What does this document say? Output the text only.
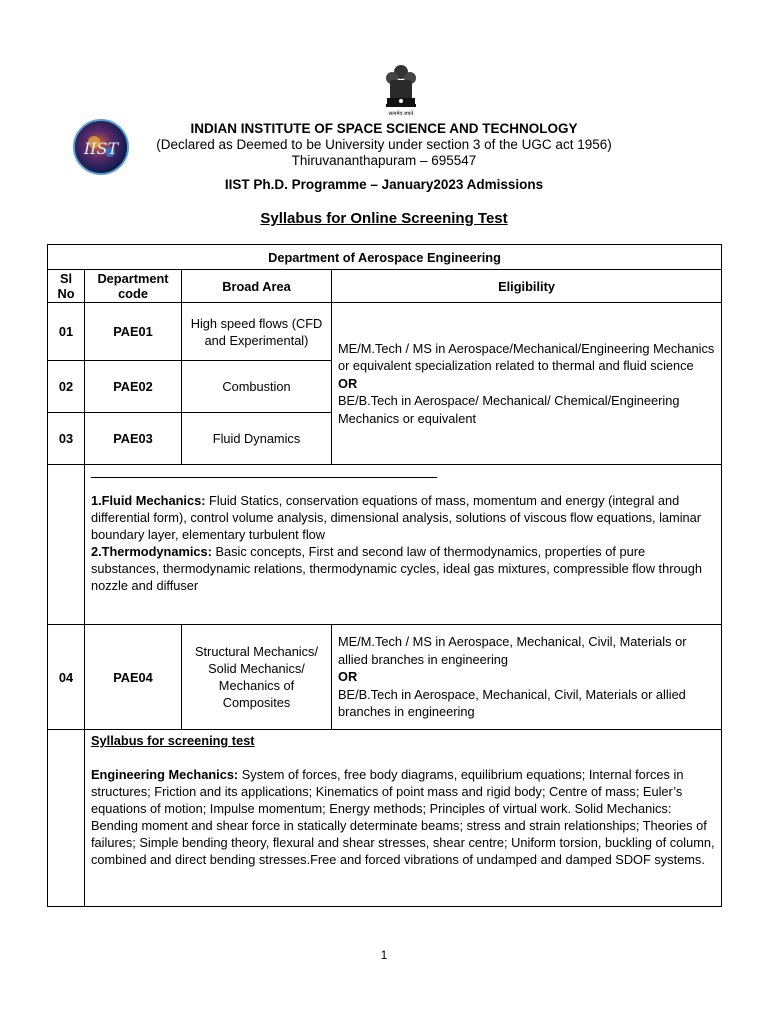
सत्यमेव जयते
IIST
INDIAN INSTITUTE OF SPACE SCIENCE AND TECHNOLOGY
(Declared as Deemed to be University under section 3 of the UGC act 1956)
Thiruvananthapuram – 695547
IIST Ph.D. Programme – January2023 Admissions
Syllabus for Online Screening Test
Department of Aerospace Engineering			
Sl No	Department code	Broad Area	Eligibility
01	PAE01	High speed flows (CFD and Experimental)	ME/M.Tech / MS in Aerospace/Mechanical/Engineering Mechanics or equivalent specialization related to thermal and fluid science
OR
BE/B.Tech in Aerospace/ Mechanical/ Chemical/Engineering Mechanics or equivalent

02	PAE02	Combustion	
03	PAE03	Fluid Dynamics	

	1.Fluid Mechanics: Fluid Statics, conservation equations of mass, momentum and energy (integral and differential form), control volume analysis, dimensional analysis, solutions of viscous flow equations, laminar boundary layer, elementary turbulent flow

2.Thermodynamics: Basic concepts, First and second law of thermodynamics, properties of pure substances, thermodynamic relations, thermodynamic cycles, ideal gas mixtures, compressible flow through nozzle and diffuser		

04	PAE04	Structural Mechanics/ Solid Mechanics/ Mechanics of Composites	ME/M.Tech / MS in Aerospace, Mechanical, Civil, Materials or allied branches in engineering
OR
BE/B.Tech in Aerospace, Mechanical, Civil, Materials or allied branches in engineering

	Syllabus for screening test

Engineering Mechanics: System of forces, free body diagrams, equilibrium equations; Internal forces in structures; Friction and its applications; Kinematics of point mass and rigid body; Centre of mass; Euler’s equations of motion; Impulse momentum; Energy methods; Principles of virtual work. Solid Mechanics: Bending moment and shear force in statically determinate beams; stress and strain relationships; Theories of failures; Simple bending theory, flexural and shear stresses, shear centre; Uniform torsion, buckling of column, combined and direct bending stresses.Free and forced vibrations of undamped and damped SDOF systems.		

1
